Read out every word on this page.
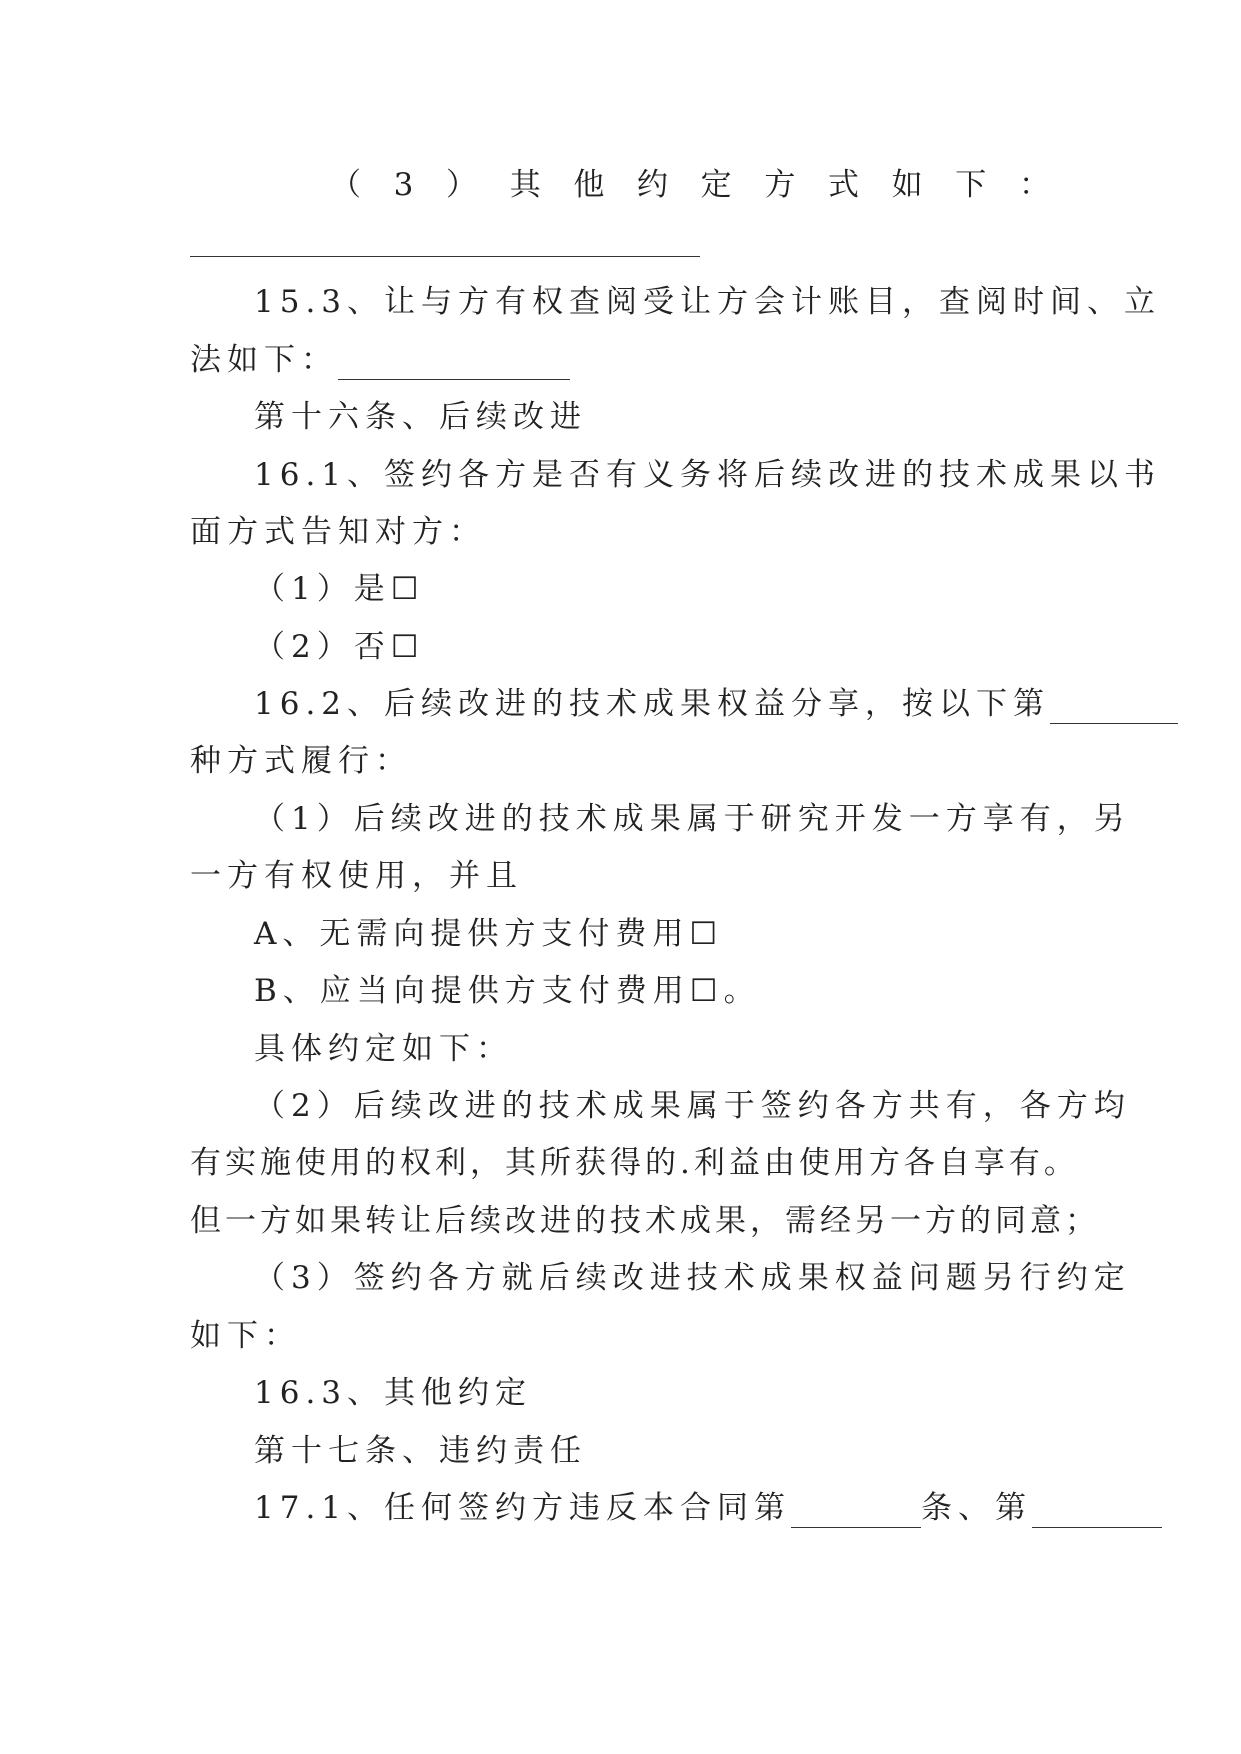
（ 3 ） 其 他 约 定 方 式 如 下 ：
15.3、让与方有权查阅受让方会计账目，查阅时间、立
法如下：
第十六条、后续改进
16.1、签约各方是否有义务将后续改进的技术成果以书
面方式告知对方：
（1）是☐
（2）否☐
16.2、后续改进的技术成果权益分享，按以下第
种方式履行：
（1）后续改进的技术成果属于研究开发一方享有，另
一方有权使用，并且
A、无需向提供方支付费用☐
B、应当向提供方支付费用☐。
具体约定如下：
（2）后续改进的技术成果属于签约各方共有，各方均
有实施使用的权利，其所获得的.利益由使用方各自享有。
但一方如果转让后续改进的技术成果，需经另一方的同意；
（3）签约各方就后续改进技术成果权益问题另行约定
如下：
16.3、其他约定
第十七条、违约责任
17.1、任何签约方违反本合同第	条、第
